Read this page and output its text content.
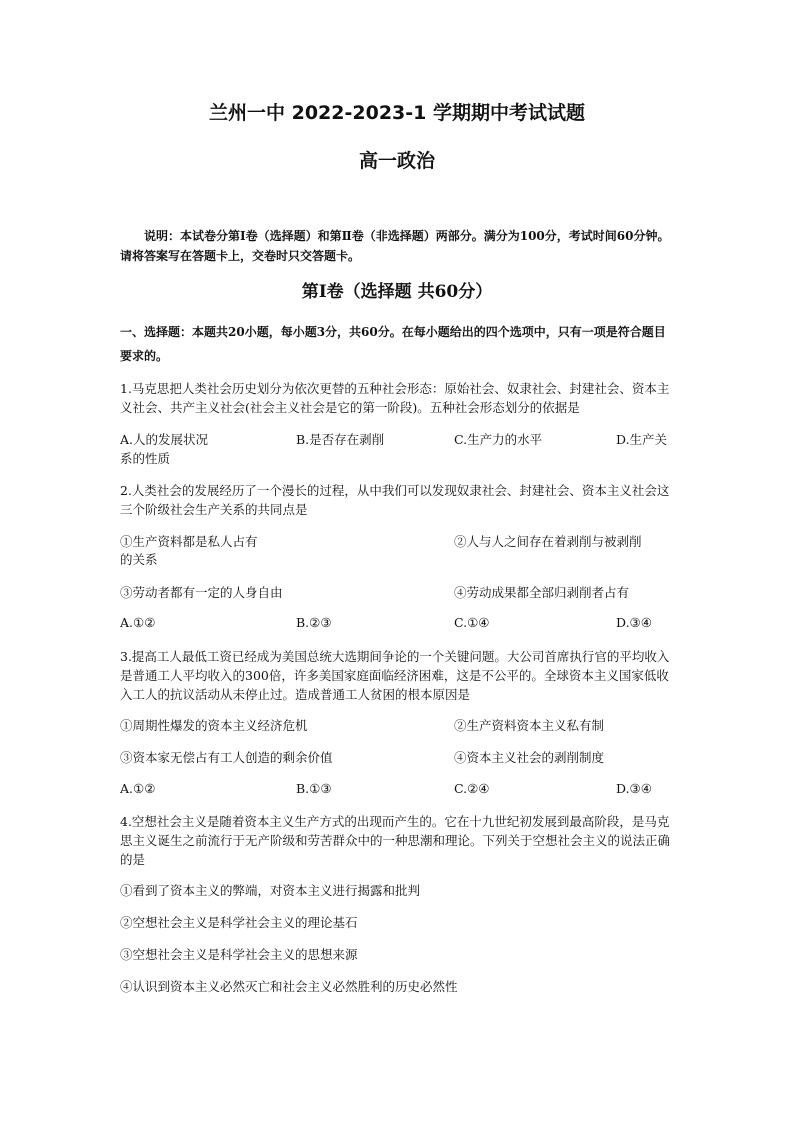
兰州一中 2022-2023-1 学期期中考试试题
高一政治
说明：本试卷分第Ⅰ卷（选择题）和第Ⅱ卷（非选择题）两部分。满分为100分，考试时间60分钟。请将答案写在答题卡上，交卷时只交答题卡。
第Ⅰ卷（选择题 共60分）
一、选择题：本题共20小题，每小题3分，共60分。在每小题给出的四个选项中，只有一项是符合题目要求的。
1.马克思把人类社会历史划分为依次更替的五种社会形态：原始社会、奴隶社会、封建社会、资本主义社会、共产主义社会(社会主义社会是它的第一阶段)。五种社会形态划分的依据是
A.人的发展状况	B.是否存在剥削	C.生产力的水平	D.生产关
系的性质
2.人类社会的发展经历了一个漫长的过程，从中我们可以发现奴隶社会、封建社会、资本主义社会这三个阶级社会生产关系的共同点是
①生产资料都是私人占有	②人与人之间存在着剥削与被剥削
的关系
③劳动者都有一定的人身自由	④劳动成果都全部归剥削者占有
A.①②	B.②③	C.①④	D.③④
3.提高工人最低工资已经成为美国总统大选期间争论的一个关键问题。大公司首席执行官的平均收入是普通工人平均收入的300倍，许多美国家庭面临经济困难，这是不公平的。全球资本主义国家低收入工人的抗议活动从未停止过。造成普通工人贫困的根本原因是
①周期性爆发的资本主义经济危机	②生产资料资本主义私有制
③资本家无偿占有工人创造的剩余价值	④资本主义社会的剥削制度
A.①②	B.①③	C.②④	D.③④
4.空想社会主义是随着资本主义生产方式的出现而产生的。它在十九世纪初发展到最高阶段，是马克思主义诞生之前流行于无产阶级和劳苦群众中的一种思潮和理论。下列关于空想社会主义的说法正确的是
①看到了资本主义的弊端，对资本主义进行揭露和批判
②空想社会主义是科学社会主义的理论基石
③空想社会主义是科学社会主义的思想来源
④认识到资本主义必然灭亡和社会主义必然胜利的历史必然性
